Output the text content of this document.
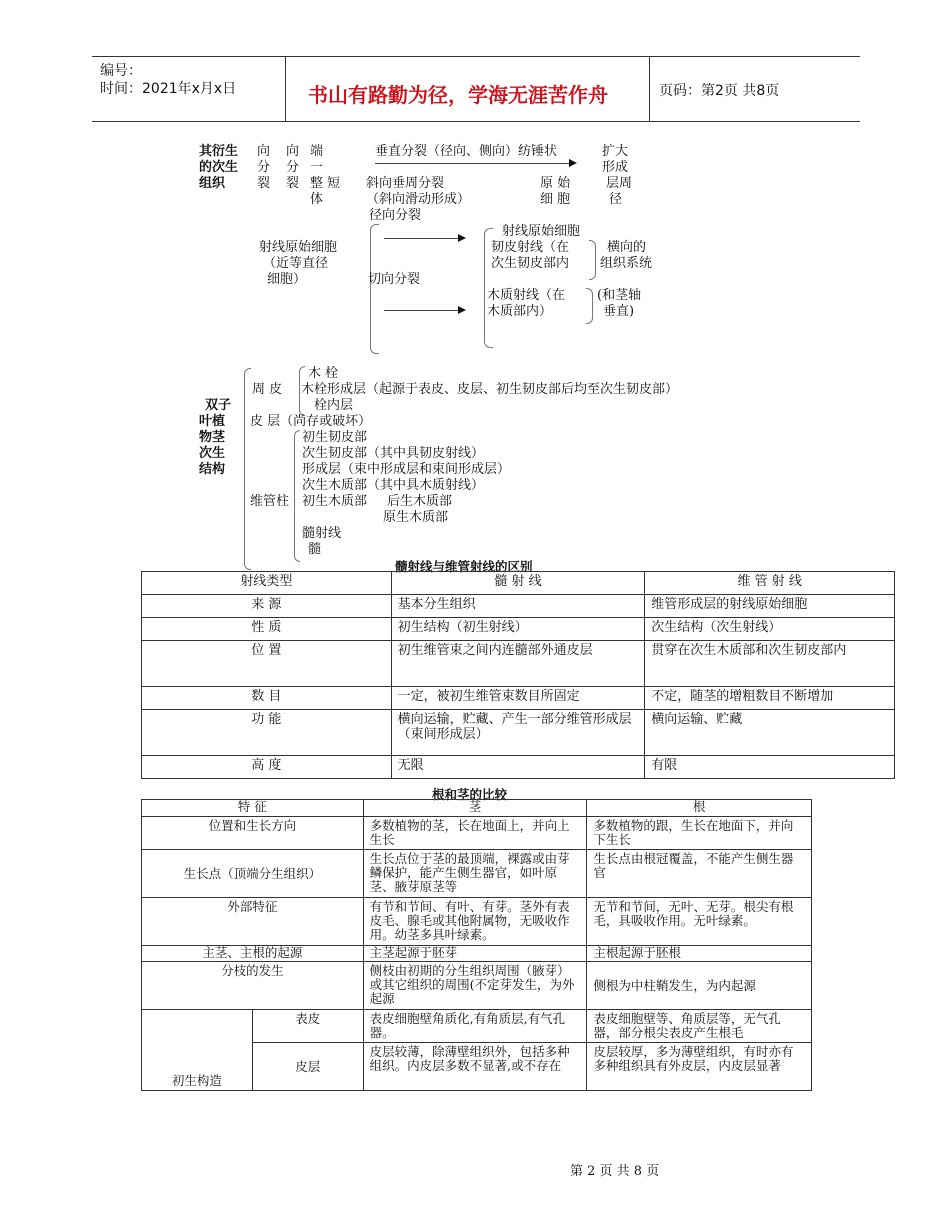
编号：
时间：2021年x月x日	书山有路勤为径，学海无涯苦作舟	页码：第2页 共8页
其衍生
的次生
组织
向
分
裂
向
分
裂
端
一
整 短
体
垂直分裂（径向、侧向）纺锤状	扩大
形成
斜向垂周分裂
（斜向滑动形成）
原 始
细 胞
层周
径
径向分裂
射线原始细胞
（近等直径
细胞）	切向分裂
射线原始细胞
韧皮射线（在
次生韧皮部内
木质射线（在
木质部内）
横向的
组织系统
(和茎轴
垂直)
双子
叶植
物茎
次生
结构
木 栓
周 皮 木栓形成层（起源于表皮、皮层、初生韧皮部后均至次生韧皮部）
栓内层
皮 层（尚存或破坏）
初生韧皮部
次生韧皮部（其中具韧皮射线）
形成层（束中形成层和束间形成层）
次生木质部（其中具木质射线）
维管柱 初生木质部 后生木质部
原生木质部
髓射线
髓
髓射线与维管射线的区别
射线类型	髓 射 线	维 管 射 线
来 源	基本分生组织	维管形成层的射线原始细胞
性 质	初生结构（初生射线）	次生结构（次生射线）
位 置	初生维管束之间内连髓部外通皮层	贯穿在次生木质部和次生韧皮部内
数 目	一定，被初生维管束数目所固定	不定，随茎的增粗数目不断增加
功 能	横向运输，贮藏、产生一部分维管形成层（束间形成层）	横向运输、贮藏
高 度	无限	有限
根和茎的比较
特 征		茎	根
位置和生长方向		多数植物的茎，长在地面上，并向上生长	多数植物的跟，生长在地面下，并向下生长
生长点（顶端分生组织）		生长点位于茎的最顶端，裸露或由芽鳞保护，能产生侧生器官，如叶原茎、腋芽原茎等	生长点由根冠覆盖，不能产生侧生器官
外部特征		有节和节间、有叶、有芽。茎外有表皮毛、腺毛或其他附属物，无吸收作用。幼茎多具叶绿素。	无节和节间，无叶、无芽。根尖有根毛，具吸收作用。无叶绿素。
主茎、主根的起源		主茎起源于胚芽	主根起源于胚根
分枝的发生		侧枝由初期的分生组织周围（腋芽）或其它组织的周围(不定芽发生，为外起源	侧根为中柱鞘发生，为内起源
初生构造	表皮	表皮细胞壁角质化,有角质层,有气孔器。	表皮细胞壁等、角质层等，无气孔器，部分根尖表皮产生根毛
	皮层	皮层较薄，除薄壁组织外，包括多种组织。内皮层多数不显著,或不存在	皮层较厚，多为薄壁组织，有时亦有多种组织具有外皮层，内皮层显著
第 2 页 共 8 页
